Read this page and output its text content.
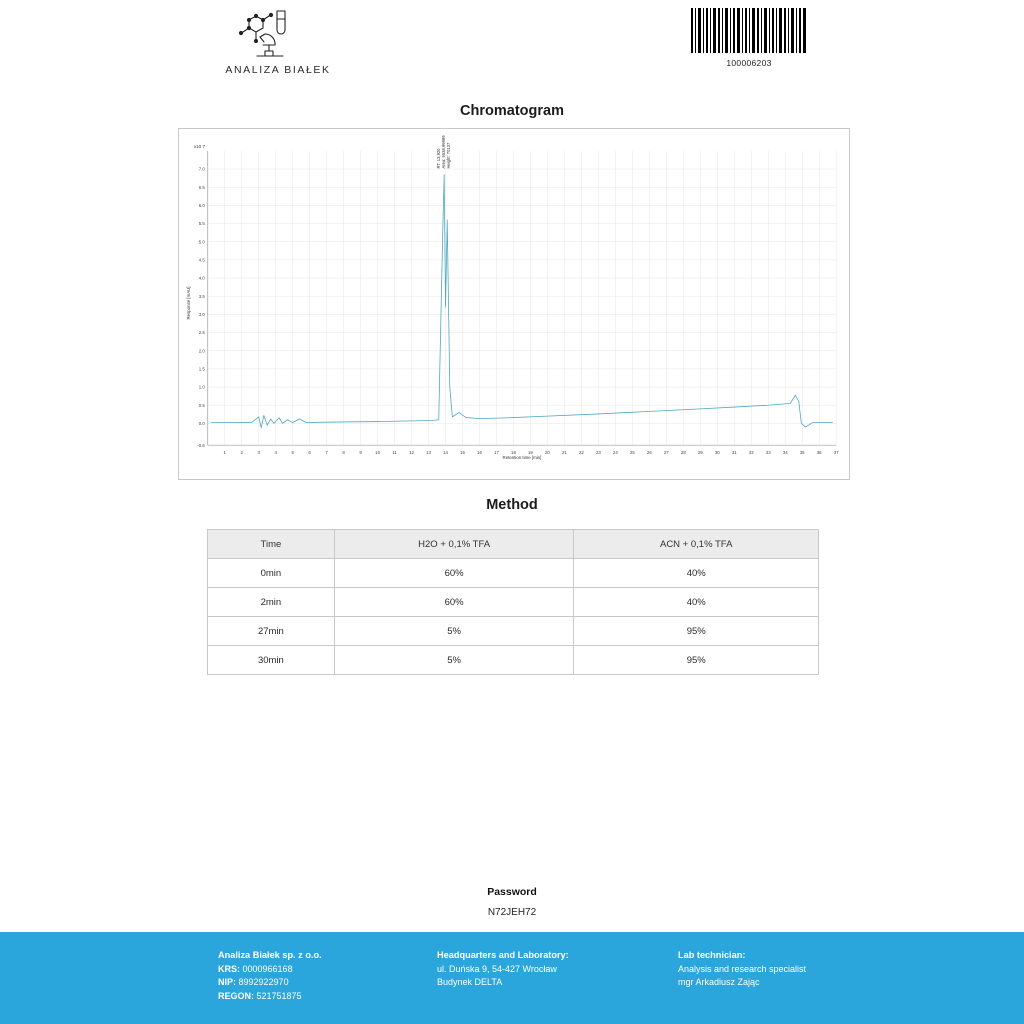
ANALIZA BIAŁEK
100006203
Chromatogram
1	2	3	4	5	6	7	8	9	10	11	12	13	14	15	16	17	18	19	20	21	22	23	24	25	26	27	28	29	30	31	32	33	34	35	36	37
-0.6
0.0
0.5
1.0
1.5
2.0
2.5
3.0
3.5
4.0
4.5
5.0
5.5
6.0
6.5
7.0
x10 7
Response [mAU]
Retention time [min]
RT: 13,920 Area: 5538,99999 Height: 70137
Method
Time	H2O + 0,1% TFA	ACN + 0,1% TFA
0min	60%	40%
2min	60%	40%
27min	5%	95%
30min	5%	95%
Password
N72JEH72
Analiza Białek sp. z o.o.
KRS: 0000966168
NIP: 8992922970
REGON: 521751875
Headquarters and Laboratory:
ul. Duńska 9, 54-427 Wrocław
Budynek DELTA
Lab technician:
Analysis and research specialist
mgr Arkadiusz Zając
